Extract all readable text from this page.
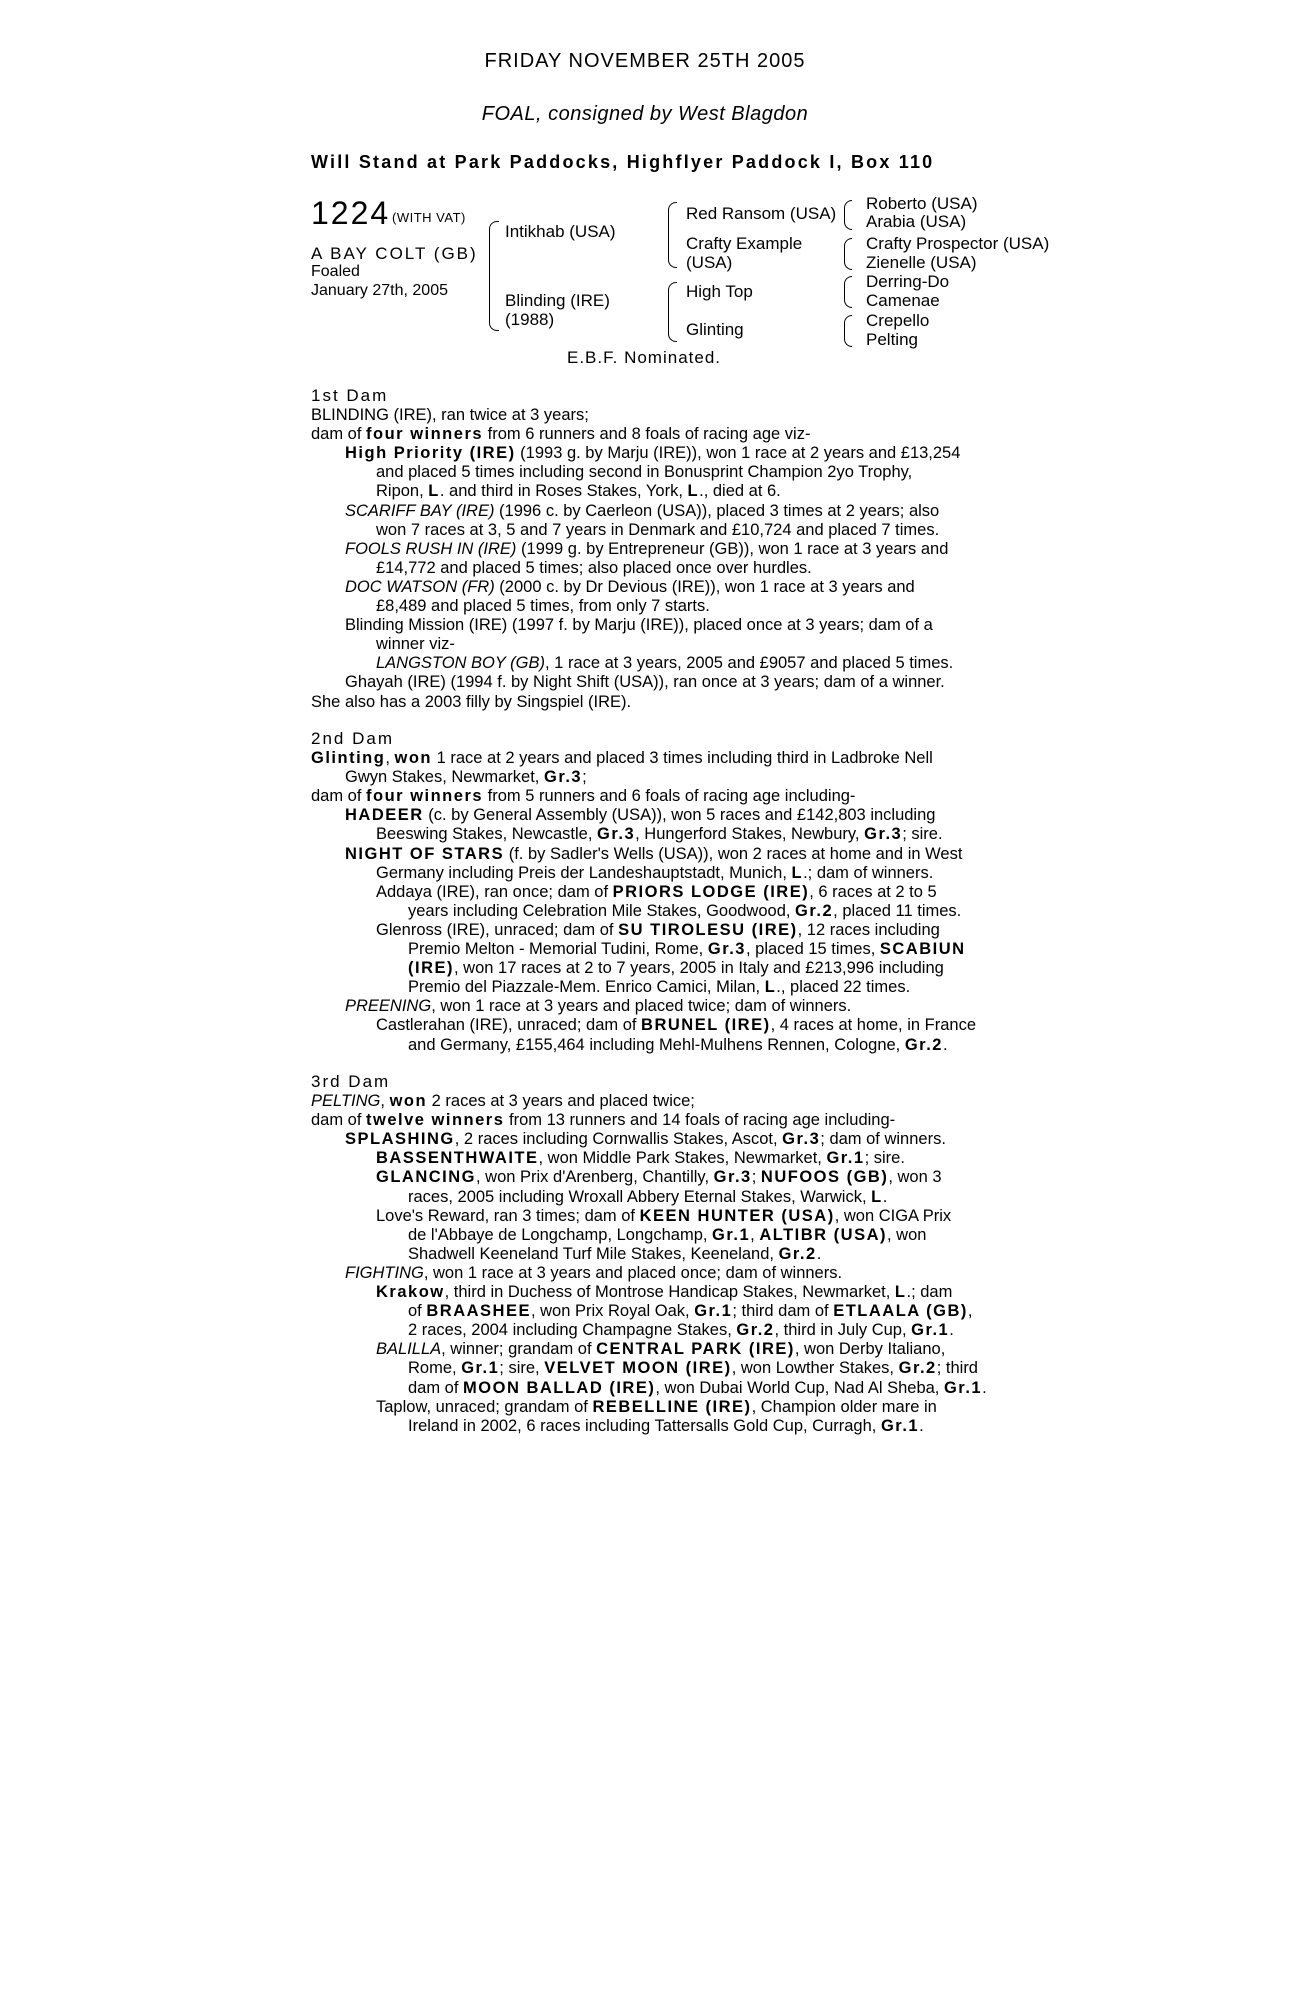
FRIDAY NOVEMBER 25TH 2005
FOAL, consigned by West Blagdon
Will Stand at Park Paddocks, Highflyer Paddock I, Box 110
1224 (WITH VAT)
A BAY COLT (GB)
Foaled
January 27th, 2005
Intikhab (USA)
Blinding (IRE)
(1988)
Red Ransom (USA)
Crafty Example
(USA)
High Top
Glinting
Roberto (USA)
Arabia (USA)
Crafty Prospector (USA)
Zienelle (USA)
Derring-Do
Camenae
Crepello
Pelting
E.B.F. Nominated.
1st Dam
BLINDING (IRE), ran twice at 3 years;
dam of four winners from 6 runners and 8 foals of racing age viz-
High Priority (IRE) (1993 g. by Marju (IRE)), won 1 race at 2 years and £13,254
and placed 5 times including second in Bonusprint Champion 2yo Trophy,
Ripon, L. and third in Roses Stakes, York, L., died at 6.
SCARIFF BAY (IRE) (1996 c. by Caerleon (USA)), placed 3 times at 2 years; also
won 7 races at 3, 5 and 7 years in Denmark and £10,724 and placed 7 times.
FOOLS RUSH IN (IRE) (1999 g. by Entrepreneur (GB)), won 1 race at 3 years and
£14,772 and placed 5 times; also placed once over hurdles.
DOC WATSON (FR) (2000 c. by Dr Devious (IRE)), won 1 race at 3 years and
£8,489 and placed 5 times, from only 7 starts.
Blinding Mission (IRE) (1997 f. by Marju (IRE)), placed once at 3 years; dam of a
winner viz-
LANGSTON BOY (GB), 1 race at 3 years, 2005 and £9057 and placed 5 times.
Ghayah (IRE) (1994 f. by Night Shift (USA)), ran once at 3 years; dam of a winner.
She also has a 2003 filly by Singspiel (IRE).
2nd Dam
Glinting, won 1 race at 2 years and placed 3 times including third in Ladbroke Nell
Gwyn Stakes, Newmarket, Gr.3;
dam of four winners from 5 runners and 6 foals of racing age including-
HADEER (c. by General Assembly (USA)), won 5 races and £142,803 including
Beeswing Stakes, Newcastle, Gr.3, Hungerford Stakes, Newbury, Gr.3; sire.
NIGHT OF STARS (f. by Sadler's Wells (USA)), won 2 races at home and in West
Germany including Preis der Landeshauptstadt, Munich, L.; dam of winners.
Addaya (IRE), ran once; dam of PRIORS LODGE (IRE), 6 races at 2 to 5
years including Celebration Mile Stakes, Goodwood, Gr.2, placed 11 times.
Glenross (IRE), unraced; dam of SU TIROLESU (IRE), 12 races including
Premio Melton - Memorial Tudini, Rome, Gr.3, placed 15 times, SCABIUN
(IRE), won 17 races at 2 to 7 years, 2005 in Italy and £213,996 including
Premio del Piazzale-Mem. Enrico Camici, Milan, L., placed 22 times.
PREENING, won 1 race at 3 years and placed twice; dam of winners.
Castlerahan (IRE), unraced; dam of BRUNEL (IRE), 4 races at home, in France
and Germany, £155,464 including Mehl-Mulhens Rennen, Cologne, Gr.2.
3rd Dam
PELTING, won 2 races at 3 years and placed twice;
dam of twelve winners from 13 runners and 14 foals of racing age including-
SPLASHING, 2 races including Cornwallis Stakes, Ascot, Gr.3; dam of winners.
BASSENTHWAITE, won Middle Park Stakes, Newmarket, Gr.1; sire.
GLANCING, won Prix d'Arenberg, Chantilly, Gr.3; NUFOOS (GB), won 3
races, 2005 including Wroxall Abbery Eternal Stakes, Warwick, L.
Love's Reward, ran 3 times; dam of KEEN HUNTER (USA), won CIGA Prix
de l'Abbaye de Longchamp, Longchamp, Gr.1, ALTIBR (USA), won
Shadwell Keeneland Turf Mile Stakes, Keeneland, Gr.2.
FIGHTING, won 1 race at 3 years and placed once; dam of winners.
Krakow, third in Duchess of Montrose Handicap Stakes, Newmarket, L.; dam
of BRAASHEE, won Prix Royal Oak, Gr.1; third dam of ETLAALA (GB),
2 races, 2004 including Champagne Stakes, Gr.2, third in July Cup, Gr.1.
BALILLA, winner; grandam of CENTRAL PARK (IRE), won Derby Italiano,
Rome, Gr.1; sire, VELVET MOON (IRE), won Lowther Stakes, Gr.2; third
dam of MOON BALLAD (IRE), won Dubai World Cup, Nad Al Sheba, Gr.1.
Taplow, unraced; grandam of REBELLINE (IRE), Champion older mare in
Ireland in 2002, 6 races including Tattersalls Gold Cup, Curragh, Gr.1.
